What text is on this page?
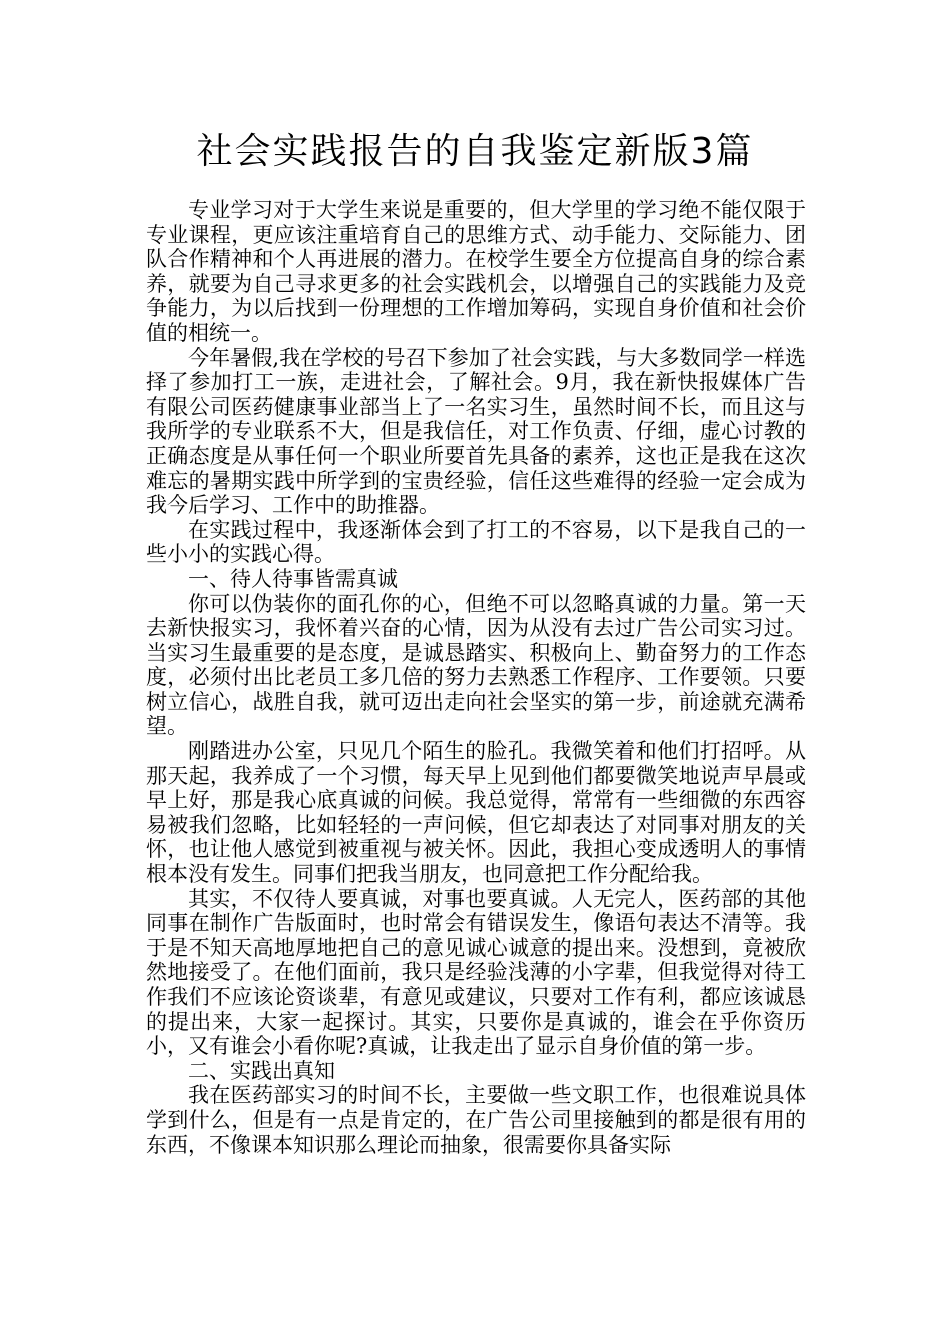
社会实践报告的自我鉴定新版3篇

专业学习对于大学生来说是重要的，但大学里的学习绝不能仅限于专业课程，更应该注重培育自己的思维方式、动手能力、交际能力、团队合作精神和个人再进展的潜力。在校学生要全方位提高自身的综合素养，就要为自己寻求更多的社会实践机会，以增强自己的实践能力及竞争能力，为以后找到一份理想的工作增加筹码，实现自身价值和社会价值的相统一。

今年暑假,我在学校的号召下参加了社会实践，与大多数同学一样选择了参加打工一族，走进社会，了解社会。9月，我在新快报媒体广告有限公司医药健康事业部当上了一名实习生，虽然时间不长，而且这与我所学的专业联系不大，但是我信任，对工作负责、仔细，虚心讨教的正确态度是从事任何一个职业所要首先具备的素养，这也正是我在这次难忘的暑期实践中所学到的宝贵经验，信任这些难得的经验一定会成为我今后学习、工作中的助推器。

在实践过程中，我逐渐体会到了打工的不容易，以下是我自己的一些小小的实践心得。

一、待人待事皆需真诚

你可以伪装你的面孔你的心，但绝不可以忽略真诚的力量。第一天去新快报实习，我怀着兴奋的心情，因为从没有去过广告公司实习过。当实习生最重要的是态度，是诚恳踏实、积极向上、勤奋努力的工作态度，必须付出比老员工多几倍的努力去熟悉工作程序、工作要领。只要树立信心，战胜自我，就可迈出走向社会坚实的第一步，前途就充满希望。

刚踏进办公室，只见几个陌生的脸孔。我微笑着和他们打招呼。从那天起，我养成了一个习惯，每天早上见到他们都要微笑地说声早晨或早上好，那是我心底真诚的问候。我总觉得，常常有一些细微的东西容易被我们忽略，比如轻轻的一声问候，但它却表达了对同事对朋友的关怀，也让他人感觉到被重视与被关怀。因此，我担心变成透明人的事情根本没有发生。同事们把我当朋友，也同意把工作分配给我。

其实，不仅待人要真诚，对事也要真诚。人无完人，医药部的其他同事在制作广告版面时，也时常会有错误发生，像语句表达不清等。我于是不知天高地厚地把自己的意见诚心诚意的提出来。没想到，竟被欣然地接受了。在他们面前，我只是经验浅薄的小字辈，但我觉得对待工作我们不应该论资谈辈，有意见或建议，只要对工作有利，都应该诚恳的提出来，大家一起探讨。其实，只要你是真诚的，谁会在乎你资历小，又有谁会小看你呢?真诚，让我走出了显示自身价值的第一步。

二、实践出真知

我在医药部实习的时间不长，主要做一些文职工作，也很难说具体学到什么，但是有一点是肯定的，在广告公司里接触到的都是很有用的东西，不像课本知识那么理论而抽象，很需要你具备实际
